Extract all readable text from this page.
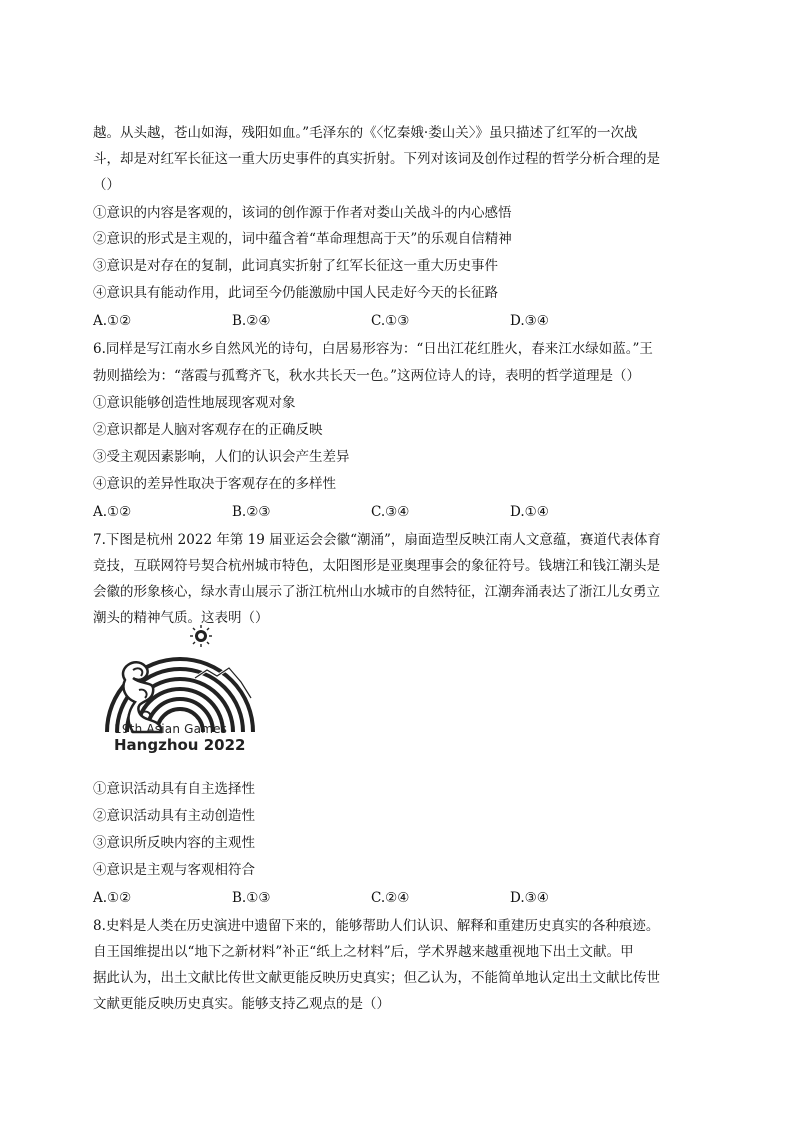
越。从头越，苍山如海，残阳如血。”毛泽东的《〈忆秦娥·娄山关〉》虽只描述了红军的一次战
斗，却是对红军长征这一重大历史事件的真实折射。下列对该词及创作过程的哲学分析合理的是
（）
①意识的内容是客观的，该词的创作源于作者对娄山关战斗的内心感悟
②意识的形式是主观的，词中蕴含着“革命理想高于天”的乐观自信精神
③意识是对存在的复制，此词真实折射了红军长征这一重大历史事件
④意识具有能动作用，此词至今仍能激励中国人民走好今天的长征路
A.①②	B.②④	C.①③	D.③④
6.同样是写江南水乡自然风光的诗句，白居易形容为：“日出江花红胜火，春来江水绿如蓝。”王
勃则描绘为：“落霞与孤鹜齐飞，秋水共长天一色。”这两位诗人的诗，表明的哲学道理是（）
①意识能够创造性地展现客观对象
②意识都是人脑对客观存在的正确反映
③受主观因素影响，人们的认识会产生差异
④意识的差异性取决于客观存在的多样性
A.①②	B.②③	C.③④	D.①④
7.下图是杭州 2022 年第 19 届亚运会会徽“潮涌”，扇面造型反映江南人文意蕴，赛道代表体育
竞技，互联网符号契合杭州城市特色，太阳图形是亚奥理事会的象征符号。钱塘江和钱江潮头是
会徽的形象核心，绿水青山展示了浙江杭州山水城市的自然特征，江潮奔涌表达了浙江儿女勇立
潮头的精神气质。这表明（）
19th Asian Games
Hangzhou 2022
①意识活动具有自主选择性
②意识活动具有主动创造性
③意识所反映内容的主观性
④意识是主观与客观相符合
A.①②	B.①③	C.②④	D.③④
8.史料是人类在历史演进中遗留下来的，能够帮助人们认识、解释和重建历史真实的各种痕迹。
自王国维提出以“地下之新材料”补正“纸上之材料”后，学术界越来越重视地下出土文献。甲
据此认为，出土文献比传世文献更能反映历史真实；但乙认为，不能简单地认定出土文献比传世
文献更能反映历史真实。能够支持乙观点的是（）
